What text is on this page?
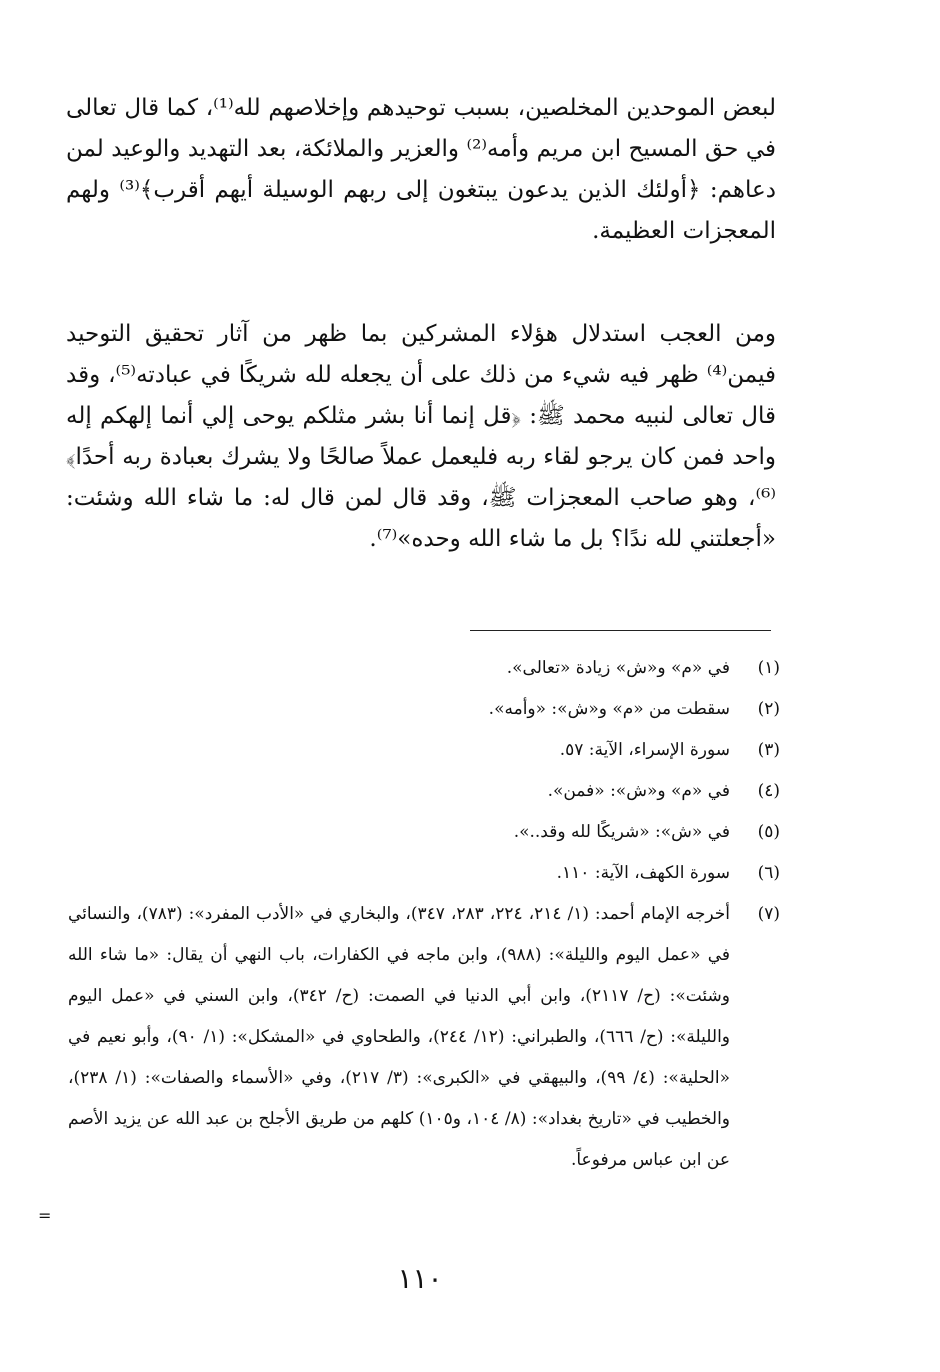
لبعض الموحدين المخلصين، بسبب توحيدهم وإخلاصهم لله⁽¹⁾، كما قال تعالى في حق المسيح ابن مريم وأمه⁽²⁾ والعزير والملائكة، بعد التهديد والوعيد لمن دعاهم: ﴿أولئك الذين يدعون يبتغون إلى ربهم الوسيلة أيهم أقرب﴾⁽³⁾ ولهم المعجزات العظيمة.

ومن العجب استدلال هؤلاء المشركين بما ظهر من آثار تحقيق التوحيد فيمن⁽⁴⁾ ظهر فيه شيء من ذلك على أن يجعله لله شريكًا في عبادته⁽⁵⁾، وقد قال تعالى لنبيه محمد ﷺ: ﴿قل إنما أنا بشر مثلكم يوحى إلي أنما إلهكم إله واحد فمن كان يرجو لقاء ربه فليعمل عملاً صالحًا ولا يشرك بعبادة ربه أحدًا﴾⁽⁶⁾، وهو صاحب المعجزات ﷺ، وقد قال لمن قال له: ما شاء الله وشئت: «أجعلتني لله ندًا؟ بل ما شاء الله وحده»⁽⁷⁾.

(١)
في «م» و«ش» زيادة «تعالى».
(٢)
سقطت من «م» و«ش»: «وأمه».
(٣)
سورة الإسراء، الآية: ٥٧.
(٤)
في «م» و«ش»: «فمن».
(٥)
في «ش»: «شريكًا لله وقد..».
(٦)
سورة الكهف، الآية: ١١٠.
(٧)
أخرجه الإمام أحمد: (١/ ٢١٤، ٢٢٤، ٢٨٣، ٣٤٧)، والبخاري في «الأدب المفرد»: (٧٨٣)، والنسائي في «عمل اليوم والليلة»: (٩٨٨)، وابن ماجه في الكفارات، باب النهي أن يقال: «ما شاء الله وشئت»: (ح/ ٢١١٧)، وابن أبي الدنيا في الصمت: (ح/ ٣٤٢)، وابن السني في «عمل اليوم والليلة»: (ح/ ٦٦٦)، والطبراني: (١٢/ ٢٤٤)، والطحاوي في «المشكل»: (١/ ٩٠)، وأبو نعيم في «الحلية»: (٤/ ٩٩)، والبيهقي في «الكبرى»: (٣/ ٢١٧)، وفي «الأسماء والصفات»: (١/ ٢٣٨)، والخطيب في «تاريخ بغداد»: (٨/ ١٠٤، و١٠٥) كلهم من طريق الأجلح بن عبد الله عن يزيد الأصم عن ابن عباس مرفوعاً.
=
١١٠
